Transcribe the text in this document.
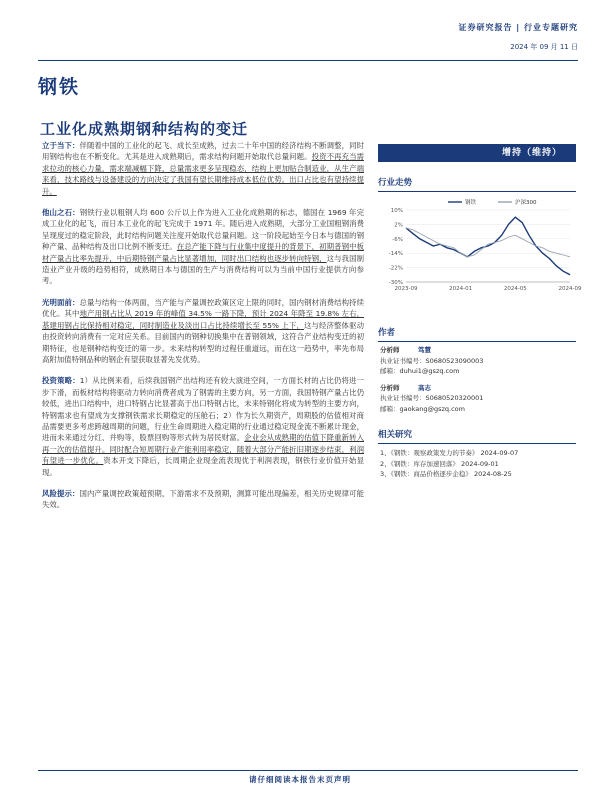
证券研究报告 | 行业专题研究
2024 年 09 月 11 日
钢铁
工业化成熟期钢种结构的变迁
立于当下：伴随着中国的工业化的起飞、成长至成熟，过去二十年中国的经济结构不断调整，同时用钢结构也在不断变化。尤其是进入成熟期后，需求结构问题开始取代总量问题。投资不再充当需求拉动的核心力量，需求端减幅下降，总量需求更多呈现稳态，结构上更加贴合制造业，从生产端来看，技术路线与设备建设的方向决定了我国有望长期维持成本低位优势。出口占比也有望持续提升。
他山之石：钢铁行业以粗钢人均 600 公斤以上作为进入工业化成熟期的标志，德国在 1969 年完成工业化的起飞，而日本工业化的起飞完成于 1971 年。随后进入成熟期，大部分工业国粗钢消费呈现度过的稳定阶段，此时结构问题关注度开始取代总量问题。这一阶段起始至今日本与德国的钢种产量、品种结构及出口比例不断变迁。在总产能下降与行业集中度提升的背景下，初期普钢中板材产量占比率先提升，中后期特钢产量占比显著增加，同时出口结构也逐步转向特钢，这与我国制造业产业升级的趋势相符，成熟期日本与德国的生产与消费结构可以为当前中国行业提供方向参考。
光明面前：总量与结构一体两面，当产能与产量调控政策区定上限的同时，国内钢材消费结构持续优化。其中地产用钢占比从 2019 年的峰值 34.5% 一路下降，预计 2024 年降至 19.8% 左右，基建用钢占比保持相对稳定，同时制造业及淡出口占比持续增长至 55% 上下，这与经济整体驱动由投资转向消费有一定对应关系。目前国内的钢种切换集中在普钢领域，这符合产业结构变迁的初期特征，也是钢种结构变迁的第一步。未来结构转型的过程任重道远，而在这一趋势中，率先布局高附加值特钢品种的钢企有望获取显著先发优势。
投资策略：1）从比例来看，后续我国钢产出结构还有较大演进空间，一方面长材的占比仍将进一步下滑，而板材结构将驱动力转向消费者成为了钢需的主要方向，另一方面，我国特钢产量占比仍较低，进出口结构中，进口特钢占比显著高于出口特钢占比，未来特钢化将成为转型的主要方向，特钢需求也有望成为支撑钢铁需求长期稳定的压舱石；2）作为长久期资产，周期股的估值相对商品需要更多考虑跨越周期的问题，行业生命周期进入稳定期的行业通过稳定现金流不断累计现金，进而未来通过分红、并购等，股票回购等形式转为居民财富。企业会从成熟期的估值下降重新转入再一次的估值提升。同时配合短周期行业产能利用率稳定，随着大部分产能折旧期逐步结束，利润有望进一步优化，资本开支下降后，长周期企业现金流表现优于利润表现，钢铁行业价值开始显现。
风险提示：国内产量调控政策超预期，下游需求不及预期，测算可能出现偏差，相关历史规律可能失效。
增持（维持）
行业走势
钢铁	沪深300
2023-09	2024-01	2024-05	2024-09
10%
2%
-6%
-14%
-22%
-30%
作者
分析师	笃慧
执业证书编号：S0680523090003
邮箱：duhui1@gszq.com
分析师	高志
执业证书编号：S0680520320001
邮箱：gaokang@gszq.com
相关研究
1、《钢铁：观察政策发力的节奏》 2024-09-07
2、《钢铁：库存加速回落》 2024-09-01
3、《钢铁：商品价格逐步企稳》 2024-08-25
请仔细阅读本报告末页声明
